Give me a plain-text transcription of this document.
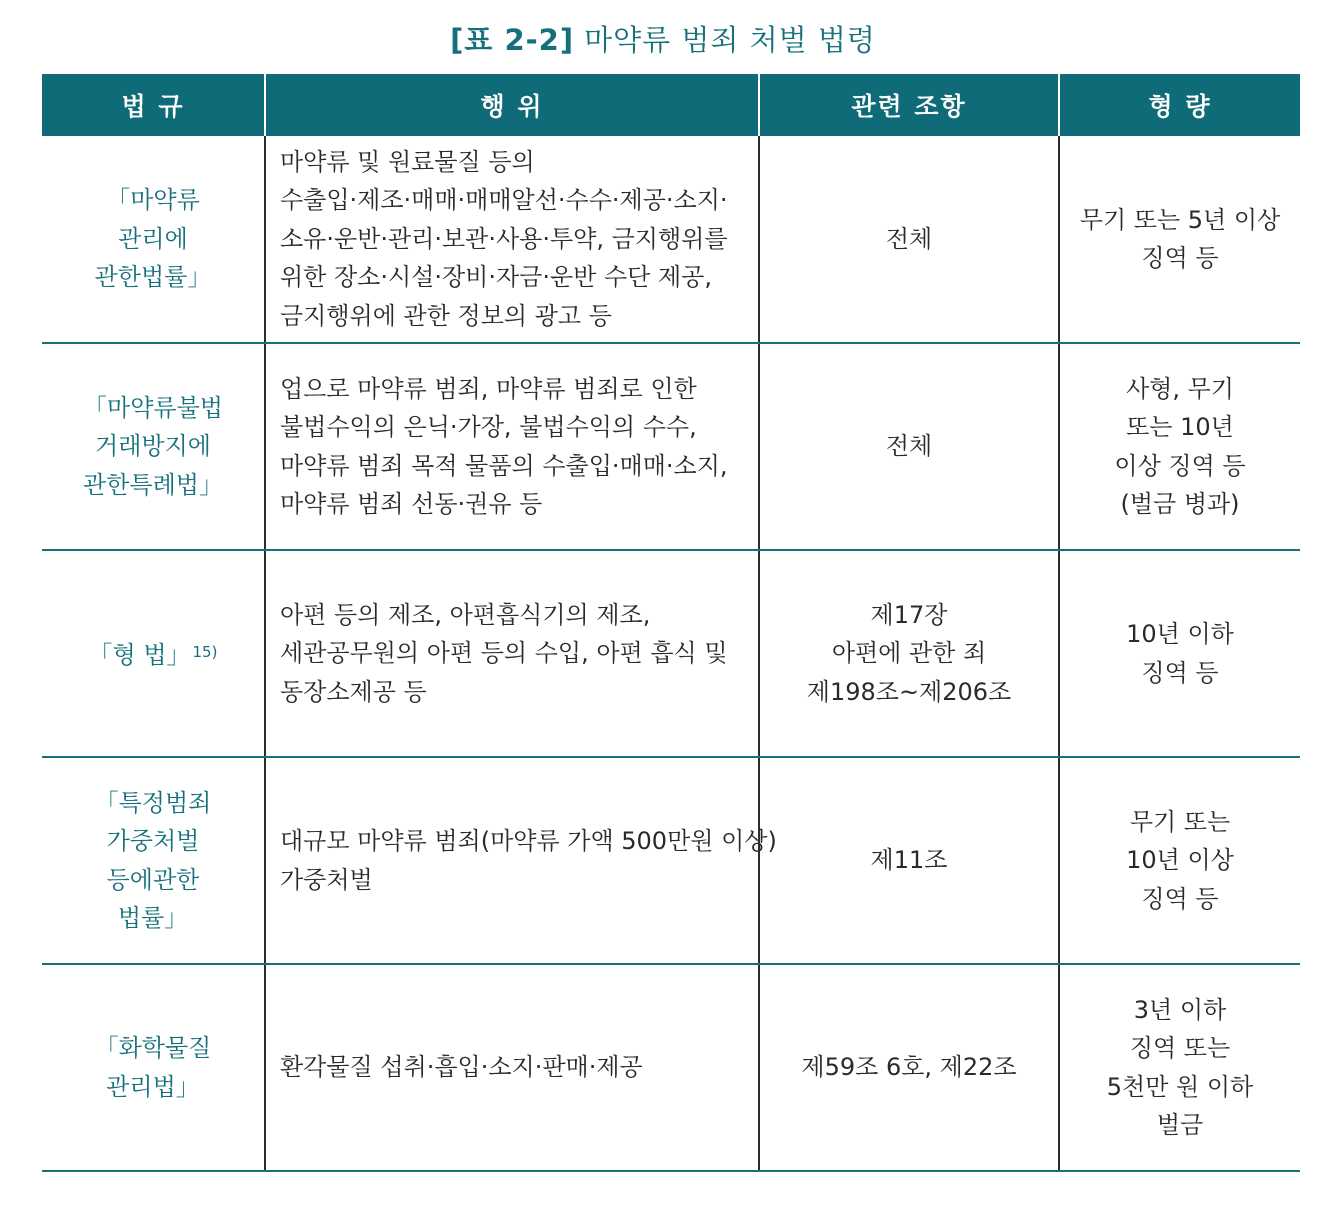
[표 2-2] 마약류 범죄 처벌 법령
법 규	행 위	관련 조항	형 량

「마약류
관리에
관한법률」	마약류 및 원료물질 등의
수출입·제조·매매·매매알선·수수·제공·소지·
소유·운반·관리·보관·사용·투약, 금지행위를
위한 장소·시설·장비·자금·운반 수단 제공,
금지행위에 관한 정보의 광고 등	전체	무기 또는 5년 이상
징역 등

「마약류불법
거래방지에
관한특례법」	업으로 마약류 범죄, 마약류 범죄로 인한
불법수익의 은닉·가장, 불법수익의 수수,
마약류 범죄 목적 물품의 수출입·매매·소지,
마약류 범죄 선동·권유 등	전체	사형, 무기
또는 10년
이상 징역 등
(벌금 병과)

「형 법」 $^{15)}$	아편 등의 제조, 아편흡식기의 제조,
세관공무원의 아편 등의 수입, 아편 흡식 및
동장소제공 등	제17장
아편에 관한 죄
제198조~제206조	10년 이하
징역 등

「특정범죄
가중처벌
등에관한
법률」	대규모 마약류 범죄(마약류 가액 500만원 이상)
가중처벌	제11조	무기 또는
10년 이상
징역 등

「화학물질
관리법」	환각물질 섭취·흡입·소지·판매·제공	제59조 6호, 제22조	3년 이하
징역 또는
5천만 원 이하
벌금
